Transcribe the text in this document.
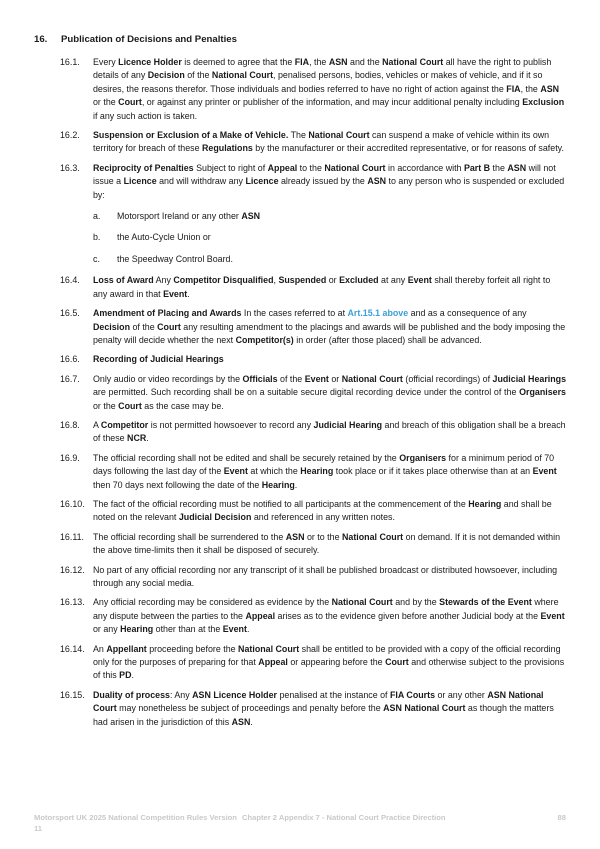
16. Publication of Decisions and Penalties
16.1.	Every Licence Holder is deemed to agree that the FIA, the ASN and the National Court all have the right to publish details of any Decision of the National Court, penalised persons, bodies, vehicles or makes of vehicle, and if it so desires, the reasons therefor. Those individuals and bodies referred to have no right of action against the FIA, the ASN or the Court, or against any printer or publisher of the information, and may incur additional penalty including Exclusion if any such action is taken.
16.2.	Suspension or Exclusion of a Make of Vehicle. The National Court can suspend a make of vehicle within its own territory for breach of these Regulations by the manufacturer or their accredited representative, or for reasons of safety.
16.3.	Reciprocity of Penalties Subject to right of Appeal to the National Court in accordance with Part B the ASN will not issue a Licence and will withdraw any Licence already issued by the ASN to any person who is suspended or excluded by:
a.	Motorsport Ireland or any other ASN
b.	the Auto-Cycle Union or
c.	the Speedway Control Board.
16.4.	Loss of Award Any Competitor Disqualified, Suspended or Excluded at any Event shall thereby forfeit all right to any award in that Event.
16.5.	Amendment of Placing and Awards In the cases referred to at Art.15.1 above and as a consequence of any Decision of the Court any resulting amendment to the placings and awards will be published and the body imposing the penalty will decide whether the next Competitor(s) in order (after those placed) shall be advanced.
16.6.	Recording of Judicial Hearings
16.7.	Only audio or video recordings by the Officials of the Event or National Court (official recordings) of Judicial Hearings are permitted. Such recording shall be on a suitable secure digital recording device under the control of the Organisers or the Court as the case may be.
16.8.	A Competitor is not permitted howsoever to record any Judicial Hearing and breach of this obligation shall be a breach of these NCR.
16.9.	The official recording shall not be edited and shall be securely retained by the Organisers for a minimum period of 70 days following the last day of the Event at which the Hearing took place or if it takes place otherwise than at an Event then 70 days next following the date of the Hearing.
16.10. The fact of the official recording must be notified to all participants at the commencement of the Hearing and shall be noted on the relevant Judicial Decision and referenced in any written notes.
16.11.	The official recording shall be surrendered to the ASN or to the National Court on demand. If it is not demanded within the above time-limits then it shall be disposed of securely.
16.12. No part of any official recording nor any transcript of it shall be published broadcast or distributed howsoever, including through any social media.
16.13. Any official recording may be considered as evidence by the National Court and by the Stewards of the Event where any dispute between the parties to the Appeal arises as to the evidence given before another Judicial body at the Event or any Hearing other than at the Event.
16.14. An Appellant proceeding before the National Court shall be entitled to be provided with a copy of the official recording only for the purposes of preparing for that Appeal or appearing before the Court and otherwise subject to the provisions of this PD.
16.15. Duality of process: Any ASN Licence Holder penalised at the instance of FIA Courts or any other ASN National Court may nonetheless be subject of proceedings and penalty before the ASN National Court as though the matters had arisen in the jurisdiction of this ASN.
Motorsport UK 2025 National Competition Rules Version 11
Chapter 2 Appendix 7 - National Court Practice Direction	88
